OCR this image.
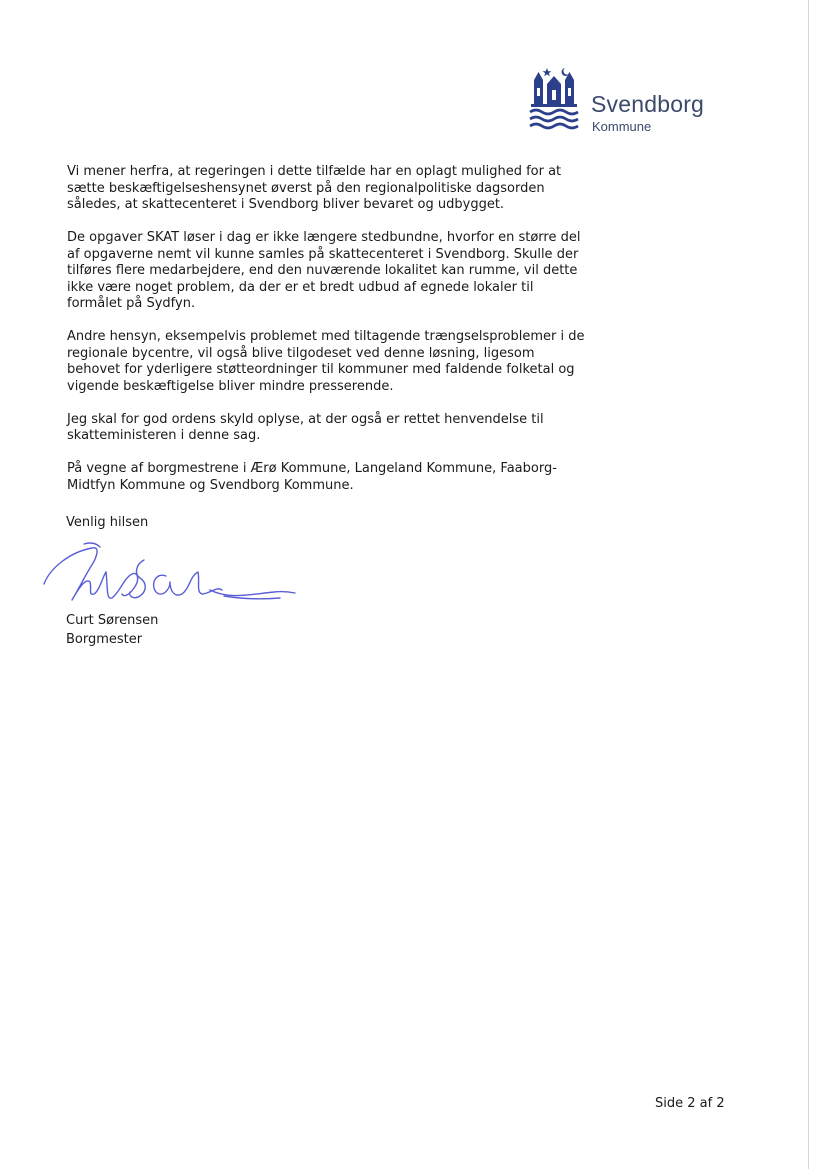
Svendborg
Kommune

Vi mener herfra, at regeringen i dette tilfælde har en oplagt mulighed for at sætte beskæftigelseshensynet øverst på den regionalpolitiske dagsorden således, at skattecenteret i Svendborg bliver bevaret og udbygget.

De opgaver SKAT løser i dag er ikke længere stedbundne, hvorfor en større del af opgaverne nemt vil kunne samles på skattecenteret i Svendborg. Skulle der tilføres flere medarbejdere, end den nuværende lokalitet kan rumme, vil dette ikke være noget problem, da der er et bredt udbud af egnede lokaler til formålet på Sydfyn.

Andre hensyn, eksempelvis problemet med tiltagende trængselsproblemer i de regionale bycentre, vil også blive tilgodeset ved denne løsning, ligesom behovet for yderligere støtteordninger til kommuner med faldende folketal og vigende beskæftigelse bliver mindre presserende.

Jeg skal for god ordens skyld oplyse, at der også er rettet henvendelse til skatteministeren i denne sag.

På vegne af borgmestrene i Ærø Kommune, Langeland Kommune, Faaborg-Midtfyn Kommune og Svendborg Kommune.

Venlig hilsen
Curt Sørensen
Borgmester
Side 2 af 2
